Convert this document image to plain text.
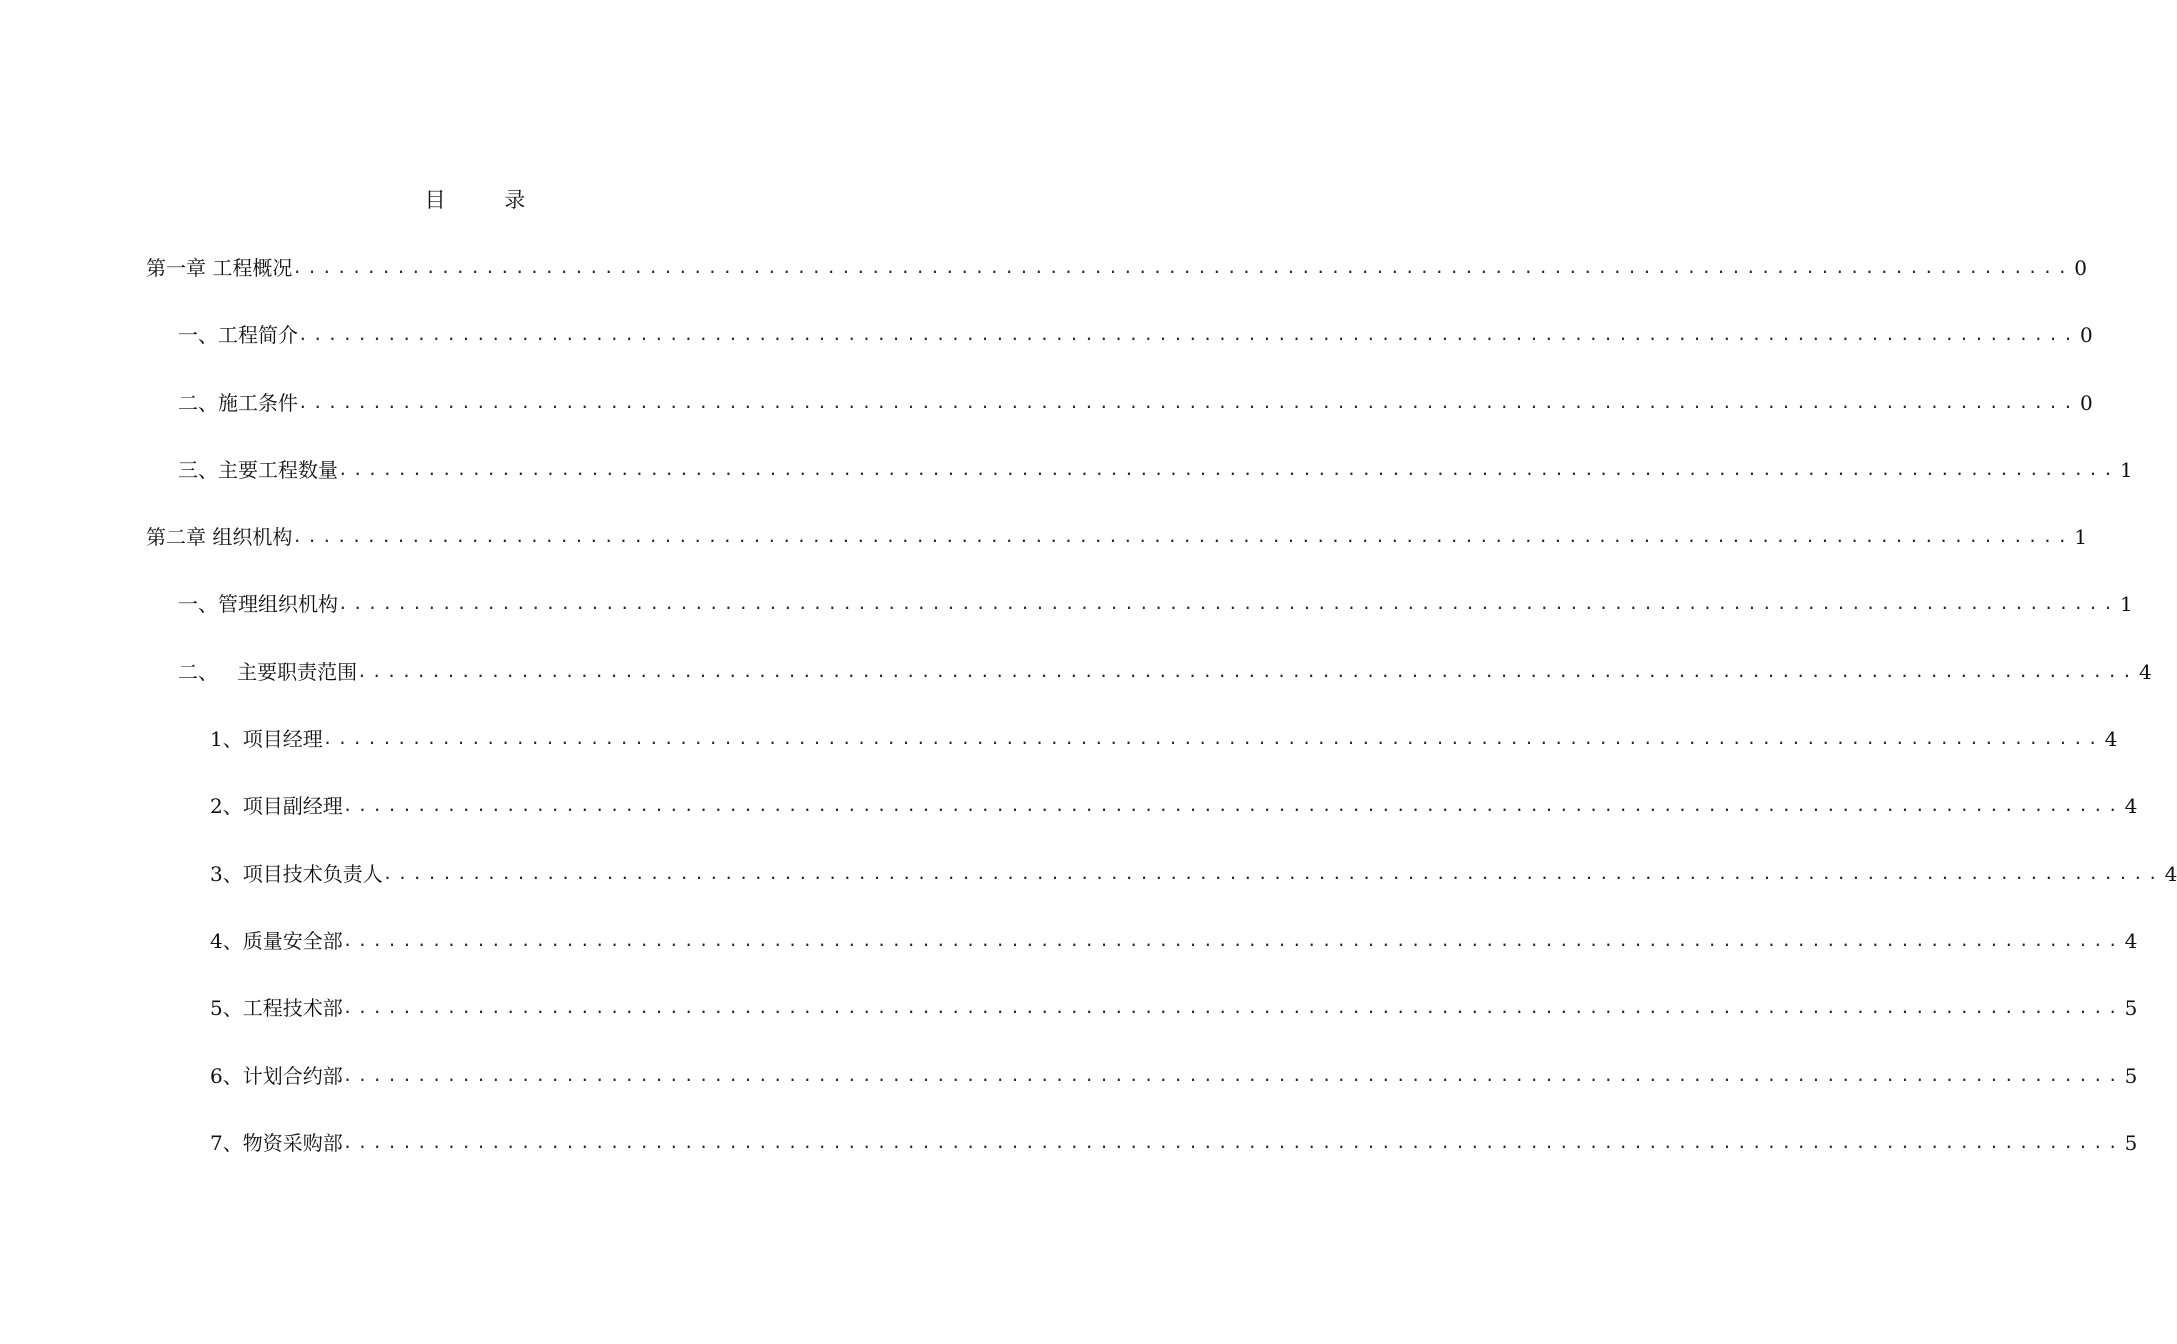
目 录
第一章 工程概况 ........................................................................................................................ 0
一、工程简介 ........................................................................................................................ 0
二、施工条件 ........................................................................................................................ 0
三、主要工程数量 ........................................................................................................................ 1
第二章 组织机构 ........................................................................................................................ 1
一、管理组织机构 ........................................................................................................................ 1
二、   主要职责范围 ........................................................................................................................ 4
1、项目经理 ........................................................................................................................ 4
2、项目副经理 ........................................................................................................................ 4
3、项目技术负责人 ........................................................................................................................ 4
4、质量安全部 ........................................................................................................................ 4
5、工程技术部 ........................................................................................................................ 5
6、计划合约部 ........................................................................................................................ 5
7、物资采购部 ........................................................................................................................ 5
